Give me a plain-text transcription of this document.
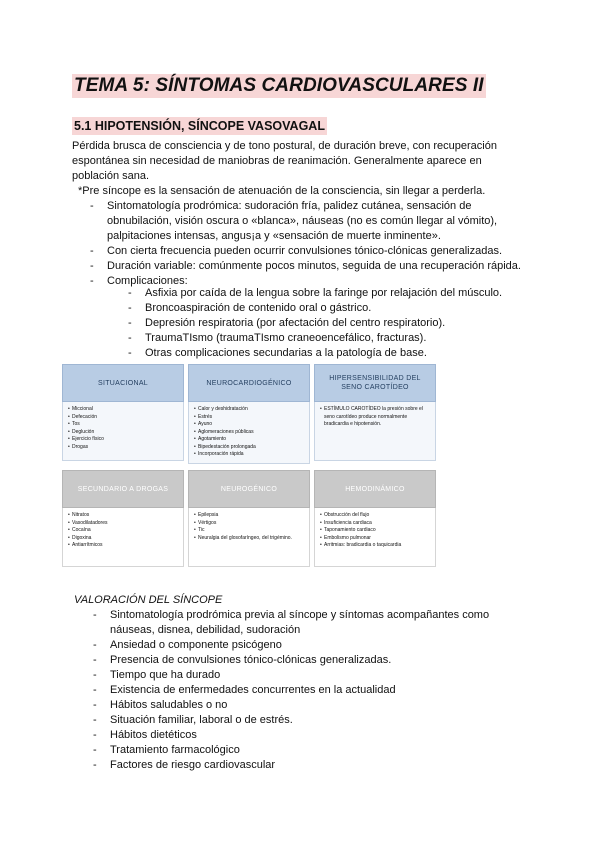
TEMA 5: SÍNTOMAS CARDIOVASCULARES II
5.1 HIPOTENSIÓN, SÍNCOPE VASOVAGAL
Pérdida brusca de consciencia y de tono postural, de duración breve, con recuperación
espontánea sin necesidad de maniobras de reanimación. Generalmente aparece en
población sana.
*Pre síncope es la sensación de atenuación de la consciencia, sin llegar a perderla.
- Sintomatología prodrómica: sudoración fría, palidez cutánea, sensación de
obnubilación, visión oscura o «blanca», náuseas (no es común llegar al vómito),
palpitaciones intensas, angus¡a y «sensación de muerte inminente».
- Con cierta frecuencia pueden ocurrir convulsiones tónico-clónicas generalizadas.
- Duración variable: comúnmente pocos minutos, seguida de una recuperación rápida.
- Complicaciones:
- Asfixia por caída de la lengua sobre la faringe por relajación del músculo.
- Broncoaspiración de contenido oral o gástrico.
- Depresión respiratoria (por afectación del centro respiratorio).
- TraumaTIsmo (traumaTIsmo craneoencefálico, fracturas).
- Otras complicaciones secundarias a la patología de base.
SITUACIONAL
• Miccional
• Defecación
• Tos
• Deglución
• Ejercicio físico
• Drogas
NEUROCARDIOGÉNICO
• Calor y deshidratación
• Estrés
• Ayuno
• Aglomeraciones públicas
• Agotamiento
• Bipedestación prolongada
• Incorporación rápida
HIPERSENSIBILIDAD DEL SENO CAROTÍDEO
• ESTÍMULO CAROTÍDEO la presión sobre el seno carotídeo produce normalmente bradicardia e hipotensión.
SECUNDARIO A DROGAS
• Nitratos
• Vasodilatadores
• Cocaína
• Digoxina
• Antiarrítmicos
NEUROGÉNICO
• Epilepsia
• Vértigos
• Tic
• Neuralgia del glosofaríngeo, del trigémino.
HEMODINÁMICO
• Obstrucción del flujo
• Insuficiencia cardiaca
• Taponamiento cardiaco
• Embolismo pulmonar
• Arritmias: bradicardia o taquicardia
VALORACIÓN DEL SÍNCOPE
- Sintomatología prodrómica previa al síncope y síntomas acompañantes como
náuseas, disnea, debilidad, sudoración
- Ansiedad o componente psicógeno
- Presencia de convulsiones tónico-clónicas generalizadas.
- Tiempo que ha durado
- Existencia de enfermedades concurrentes en la actualidad
- Hábitos saludables o no
- Situación familiar, laboral o de estrés.
- Hábitos dietéticos
- Tratamiento farmacológico
- Factores de riesgo cardiovascular
